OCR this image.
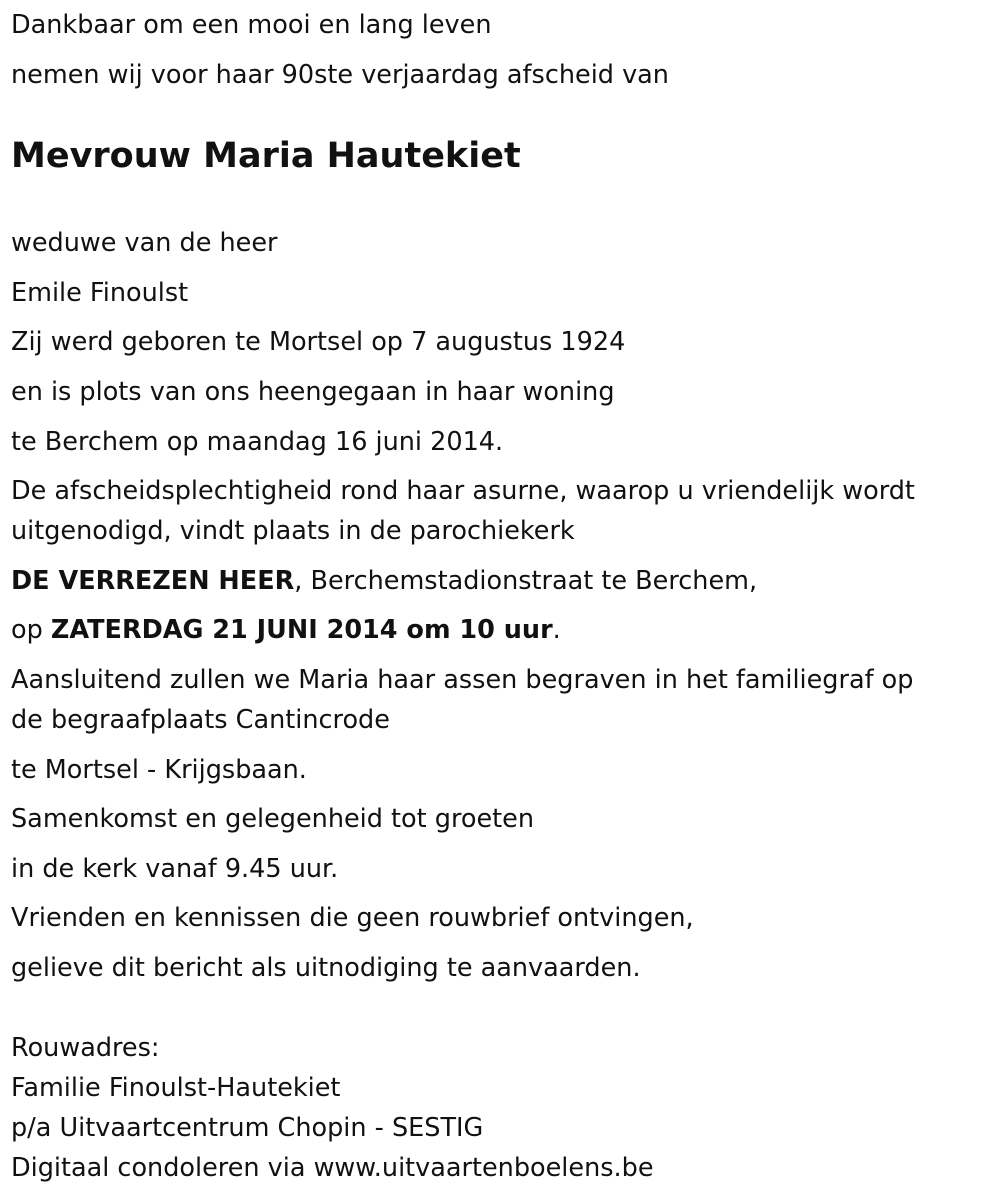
Dankbaar om een mooi en lang leven
nemen wij voor haar 90ste verjaardag afscheid van
Mevrouw Maria Hautekiet
weduwe van de heer
Emile Finoulst
Zij werd geboren te Mortsel op 7 augustus 1924
en is plots van ons heengegaan in haar woning
te Berchem op maandag 16 juni 2014.
De afscheidsplechtigheid rond haar asurne, waarop u vriendelijk wordt
uitgenodigd, vindt plaats in de parochiekerk
DE VERREZEN HEER, Berchemstadionstraat te Berchem,
op ZATERDAG 21 JUNI 2014 om 10 uur.
Aansluitend zullen we Maria haar assen begraven in het familiegraf op
de begraafplaats Cantincrode
te Mortsel - Krijgsbaan.
Samenkomst en gelegenheid tot groeten
in de kerk vanaf 9.45 uur.
Vrienden en kennissen die geen rouwbrief ontvingen,
gelieve dit bericht als uitnodiging te aanvaarden.
Rouwadres:
Familie Finoulst-Hautekiet
p/a Uitvaartcentrum Chopin - SESTIG
Digitaal condoleren via www.uitvaartenboelens.be
